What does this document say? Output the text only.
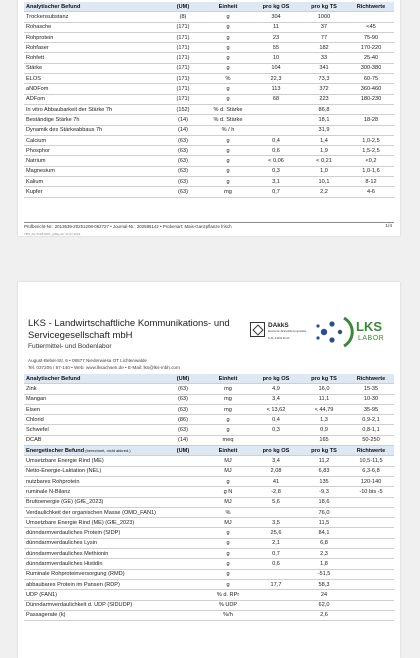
Analytischer Befund	(UM)	Einheit	pro kg OS	pro kg TS	Richtwerte
Trockensubstanz	(8)	g	304	1000	
Rohasche	(171)	g	11	37	<45
Rohprotein	(171)	g	23	77	75-90
Rohfaser	(171)	g	55	182	170-220
Rohfett	(171)	g	10	33	25-40
Stärke	(171)	g	104	341	300-380
ELOS	(171)	%	22,3	73,3	60-75
aNDFom	(171)	g	113	372	360-460
ADFom	(171)	g	68	223	180-230
In vitro Abbaubarkeit der Stärke 7h	(152)	% d. Stärke		86,8	
Beständige Stärke 7h	(14)	% d. Stärke		18,1	18-28
Dynamik des Stärkeabbaus 7h	(14)	% / h		31,9	
Calcium	(63)	g	0,4	1,4	1,0-2,5
Phosphor	(63)	g	0,6	1,9	1,5-2,5
Natrium	(63)	g	< 0,06	< 0,21	<0,2
Magnesium	(63)	g	0,3	1,0	1,0-1,6
Kalium	(63)	g	3,1	10,1	8-12
Kupfer	(63)	mg	0,7	2,2	4-6
Prüfbericht-Nr.: 2013539-20251208-062727 • Journal-Nr.: 202586142 • Probenart: Mais-Ganzpflanze frisch	1/4
TBS_SV-TOM-0001_gültig ab: 21.07.2023
LKS - Landwirtschaftliche Kommunikations- und Servicegesellschaft mbH
Futtermittel- und Bodenlabor
DAkkS
Deutsche Akkreditierungsstelle
D-PL-14433-01-00
LKS
LABOR
August-Bebel-Str. 6 • 09577 Niederwiesa OT Lichtenwalde
Tel. 037206 / 87-140 • Web: www.lksachsen.de • E-Mail: lks@lks-mbh.com
Analytischer Befund	(UM)	Einheit	pro kg OS	pro kg TS	Richtwerte
Zink	(63)	mg	4,9	16,0	15-35
Mangan	(63)	mg	3,4	11,1	10-30
Eisen	(63)	mg	< 13,62	< 44,79	35-95
Chlorid	(86)	g	0,4	1,3	0,9-2,1
Schwefel	(63)	g	0,3	0,9	0,8-1,1
DCAB	(14)	meq		165	50-250
Energetischer Befund (berechnet, nicht akkred.)	(UM)	Einheit	pro kg OS	pro kg TS	Richtwerte
Umsetzbare Energie Rind (ME)		MJ	3,4	11,2	10,5-11,5
Netto-Energie-Laktation (NEL)		MJ	2,08	6,83	6,3-6,8
nutzbares Rohprotein		g	41	135	120-140
ruminale N-Bilanz		g N	-2,8	-9,3	-10 bis -5
Bruttoenergie (GE) (GfE_2023)		MJ	5,6	18,6	
Verdaulichkeit der organischen Masse (OMD_FAN1)		%		76,0	
Umsetzbare Energie Rind (ME) (GfE_2023)		MJ	3,5	11,5	
dünndarmverdauliches Protein (SIDP)		g	25,6	84,1	
dünndarmverdauliches Lysin		g	2,1	6,8	
dünndarmverdauliches Methionin		g	0,7	2,3	
dünndarmverdauliches Histidin		g	0,6	1,8	
Ruminale Rohproteinversorgung (RMD)		g		-51,5	
abbaubares Protein im Pansen (RDP)		g	17,7	58,3	
UDP (FAN1)		% d. RPr		24	
Dünndarmverdaulichkeit d. UDP (SIDUDP)		% UDP		62,0	
Passagerate (k)		%/h		2,6	
